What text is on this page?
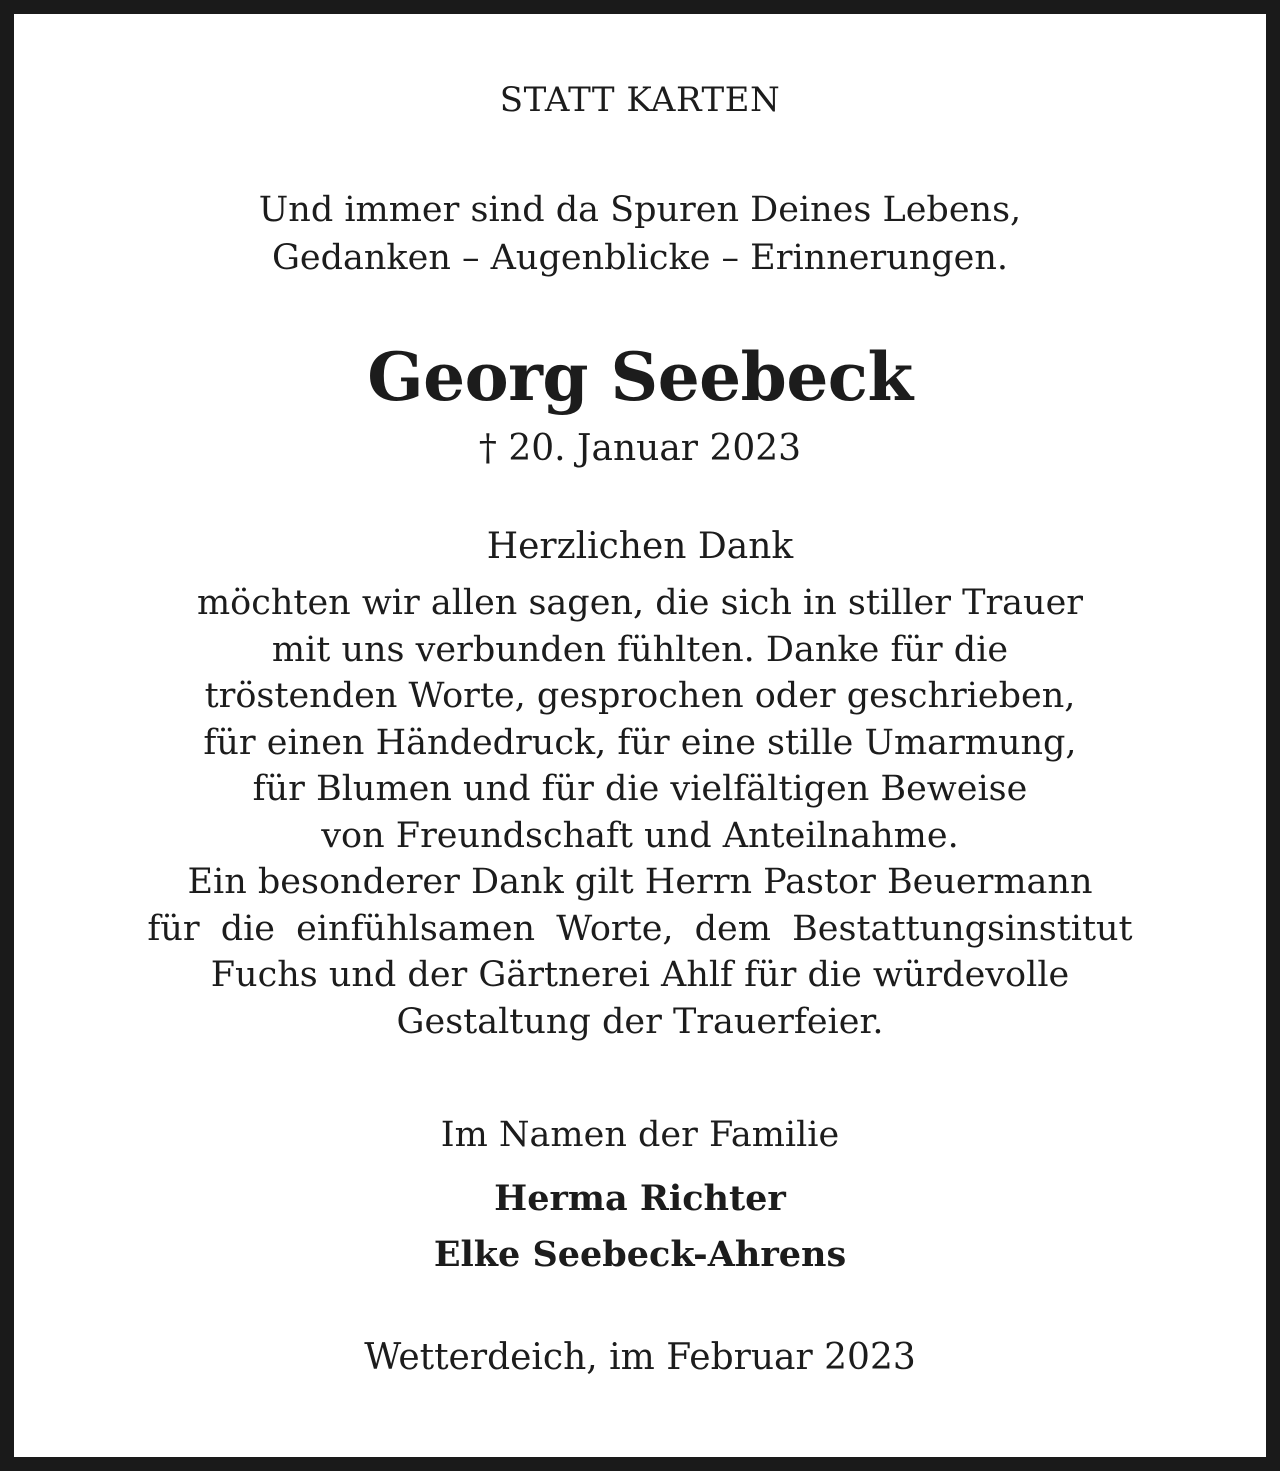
STATT KARTEN
Und immer sind da Spuren Deines Lebens,
Gedanken – Augenblicke – Erinnerungen.
Georg Seebeck
† 20. Januar 2023
Herzlichen Dank
möchten wir allen sagen, die sich in stiller Trauer
mit uns verbunden fühlten. Danke für die
tröstenden Worte, gesprochen oder geschrieben,
für einen Händedruck, für eine stille Umarmung,
für Blumen und für die vielfältigen Beweise
von Freundschaft und Anteilnahme.
Ein besonderer Dank gilt Herrn Pastor Beuermann
für die einfühlsamen Worte, dem Bestattungsinstitut
Fuchs und der Gärtnerei Ahlf für die würdevolle
Gestaltung der Trauerfeier.
Im Namen der Familie
Herma Richter
Elke Seebeck-Ahrens
Wetterdeich, im Februar 2023
